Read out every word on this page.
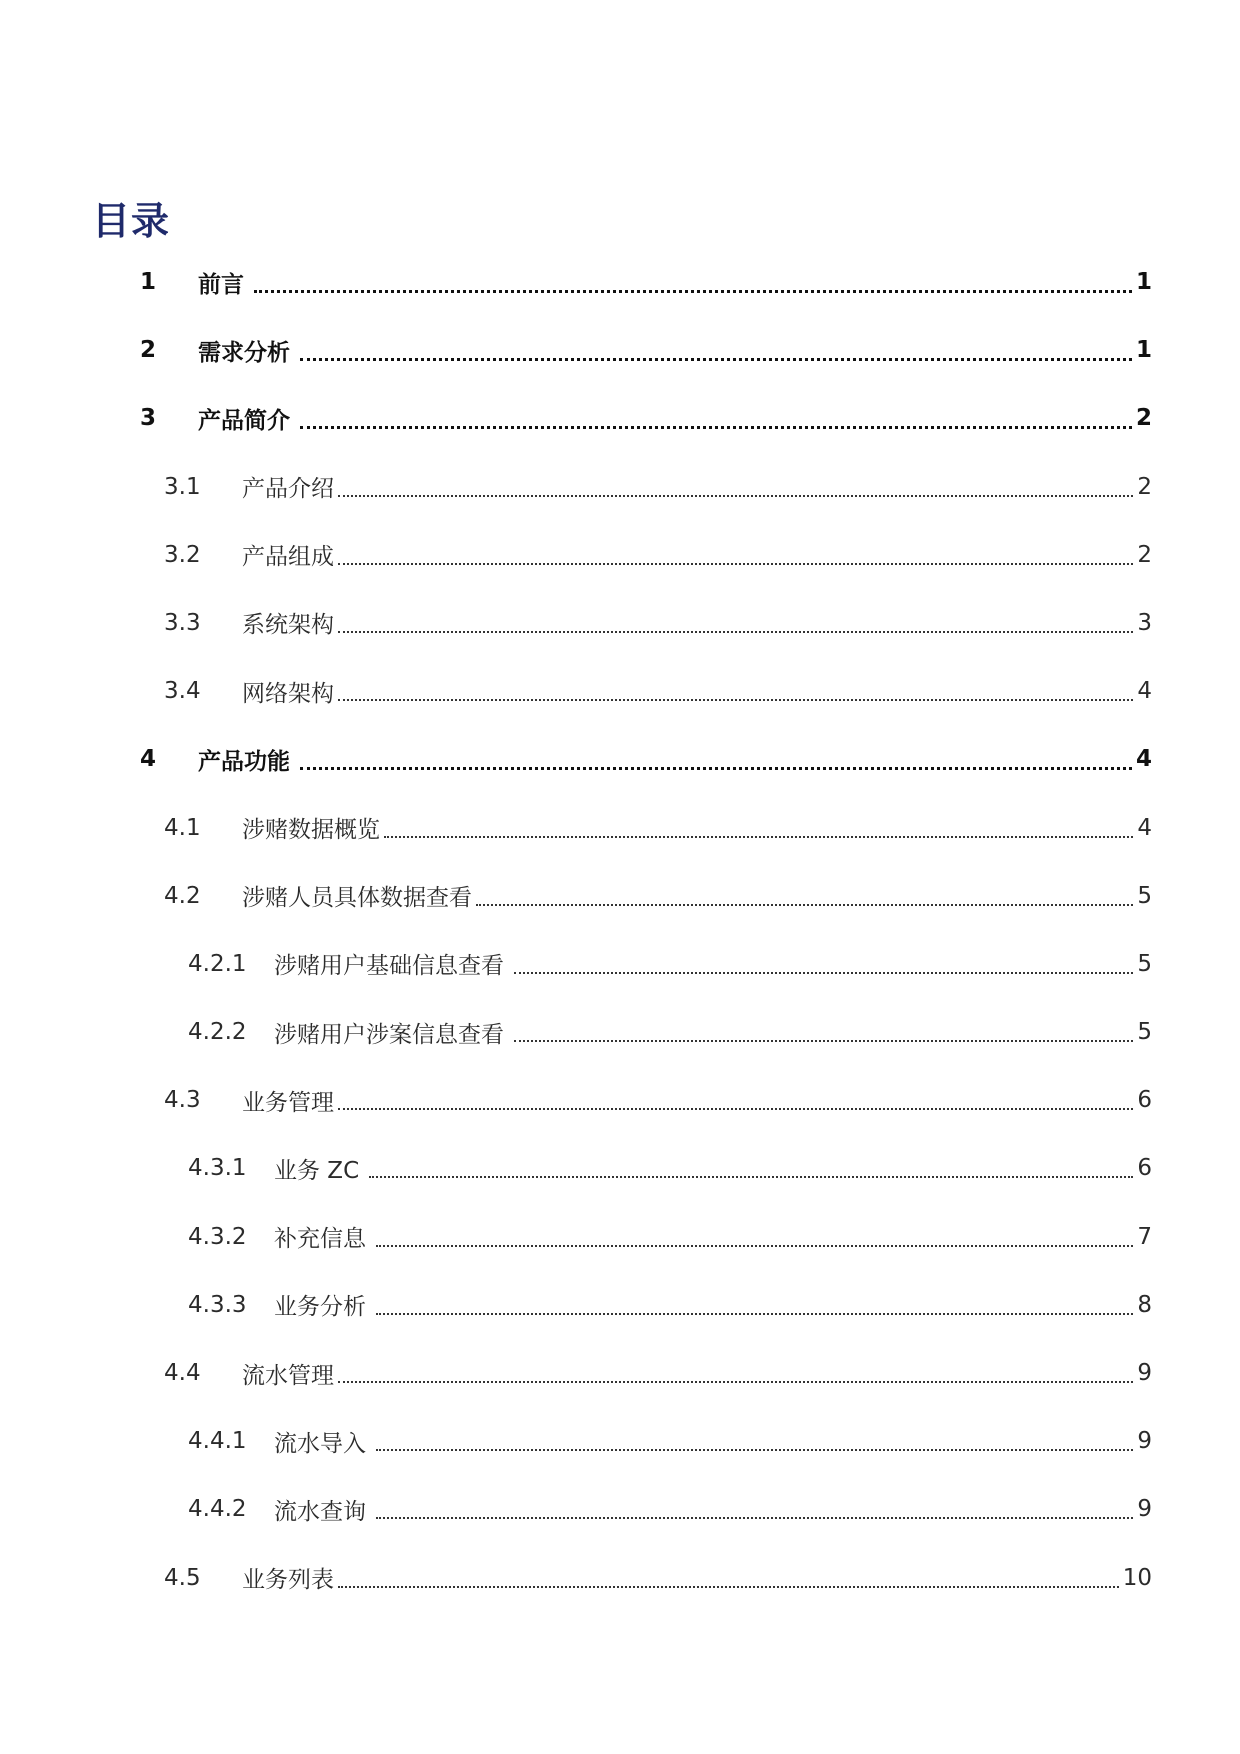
目录
1	前言	1
2	需求分析	1
3	产品简介	2
3.1	产品介绍	2
3.2	产品组成	2
3.3	系统架构	3
3.4	网络架构	4
4	产品功能	4
4.1	涉赌数据概览	4
4.2	涉赌人员具体数据查看	5
4.2.1	涉赌用户基础信息查看	5
4.2.2	涉赌用户涉案信息查看	5
4.3	业务管理	6
4.3.1	业务 ZC	6
4.3.2	补充信息	7
4.3.3	业务分析	8
4.4	流水管理	9
4.4.1	流水导入	9
4.4.2	流水查询	9
4.5	业务列表	10
